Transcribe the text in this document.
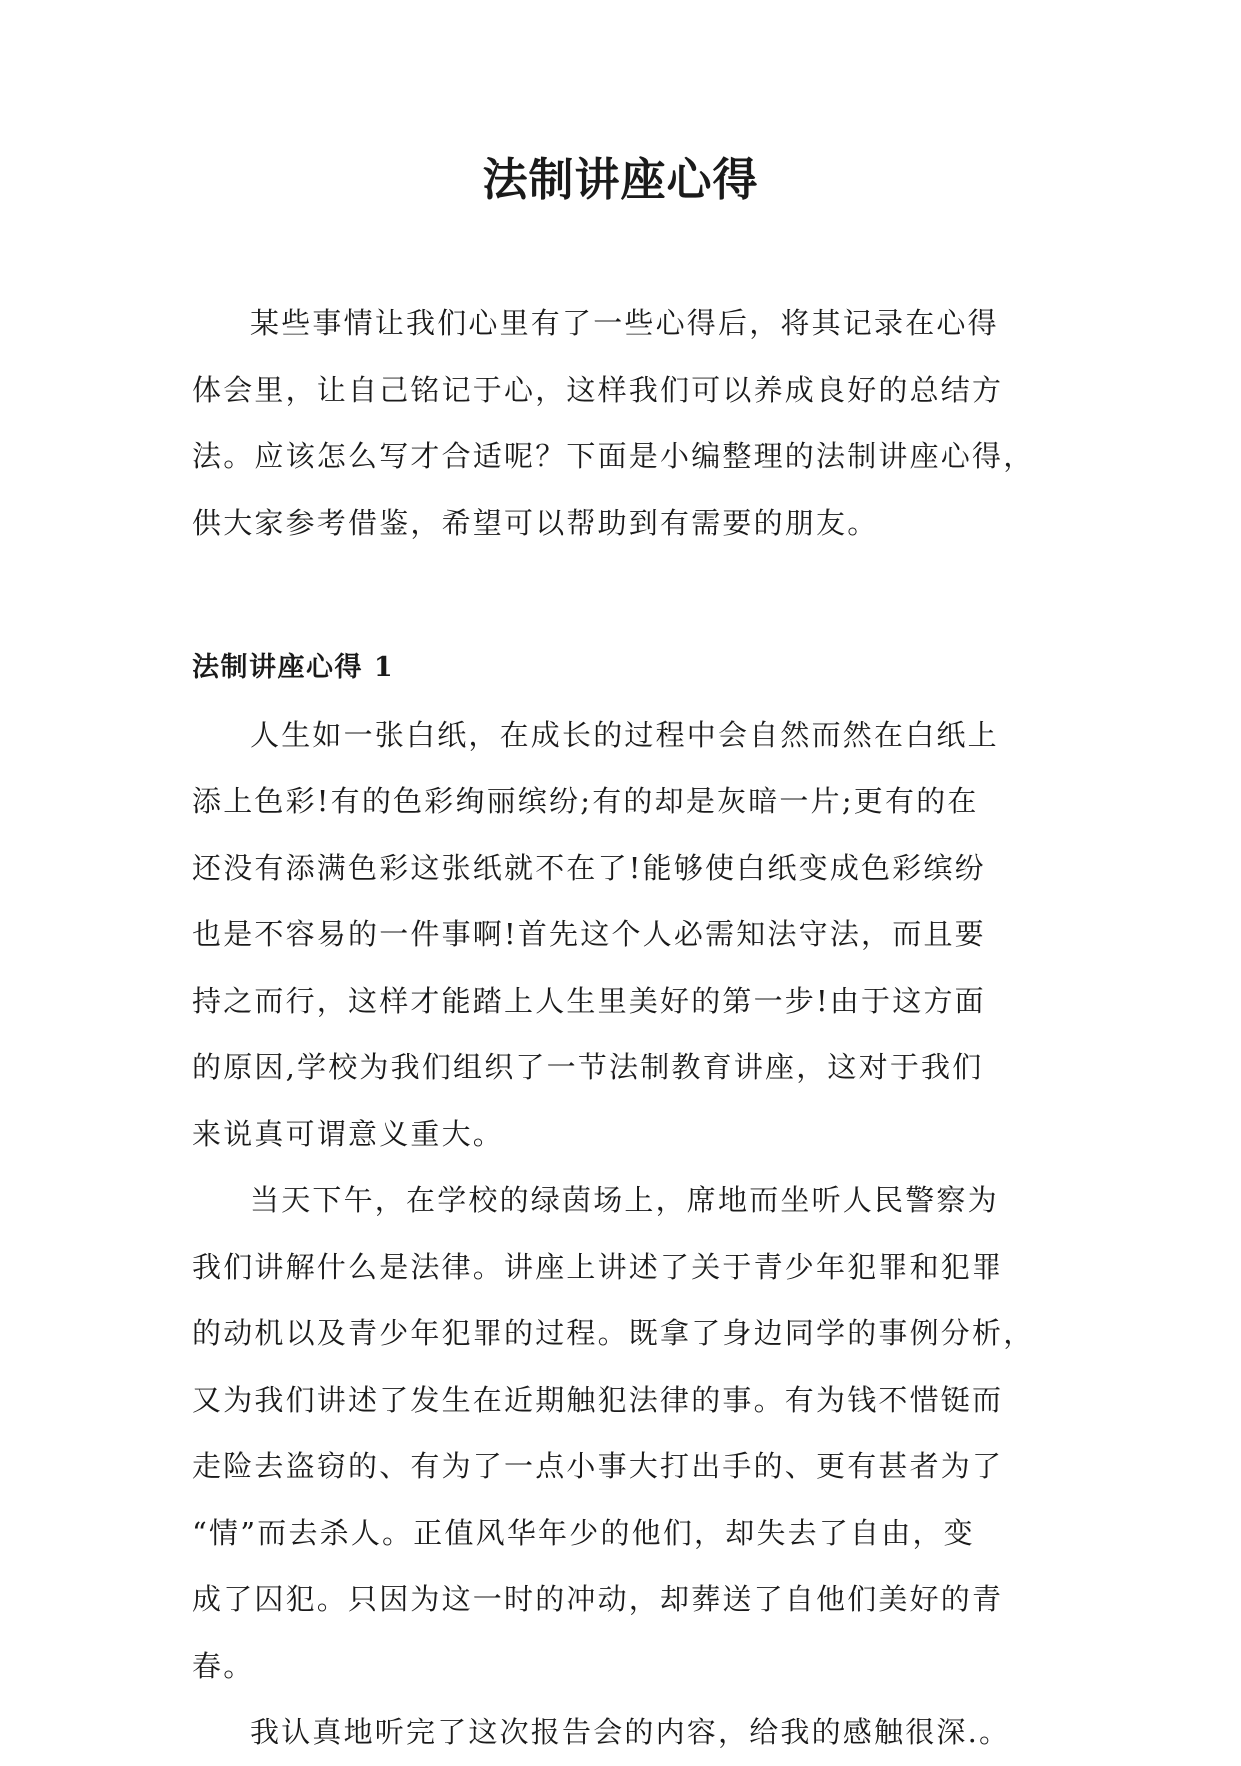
法制讲座心得

某些事情让我们心里有了一些心得后，将其记录在心得
体会里，让自己铭记于心，这样我们可以养成良好的总结方
法。应该怎么写才合适呢？下面是小编整理的法制讲座心得，
供大家参考借鉴，希望可以帮助到有需要的朋友。

法制讲座心得 1

人生如一张白纸，在成长的过程中会自然而然在白纸上
添上色彩!有的色彩绚丽缤纷;有的却是灰暗一片;更有的在
还没有添满色彩这张纸就不在了!能够使白纸变成色彩缤纷
也是不容易的一件事啊!首先这个人必需知法守法，而且要
持之而行，这样才能踏上人生里美好的第一步!由于这方面
的原因,学校为我们组织了一节法制教育讲座，这对于我们
来说真可谓意义重大。

当天下午，在学校的绿茵场上，席地而坐听人民警察为
我们讲解什么是法律。讲座上讲述了关于青少年犯罪和犯罪
的动机以及青少年犯罪的过程。既拿了身边同学的事例分析，
又为我们讲述了发生在近期触犯法律的事。有为钱不惜铤而
走险去盗窃的、有为了一点小事大打出手的、更有甚者为了
“情”而去杀人。正值风华年少的他们，却失去了自由，变
成了囚犯。只因为这一时的冲动，却葬送了自他们美好的青
春。

我认真地听完了这次报告会的内容，给我的感触很深.。
